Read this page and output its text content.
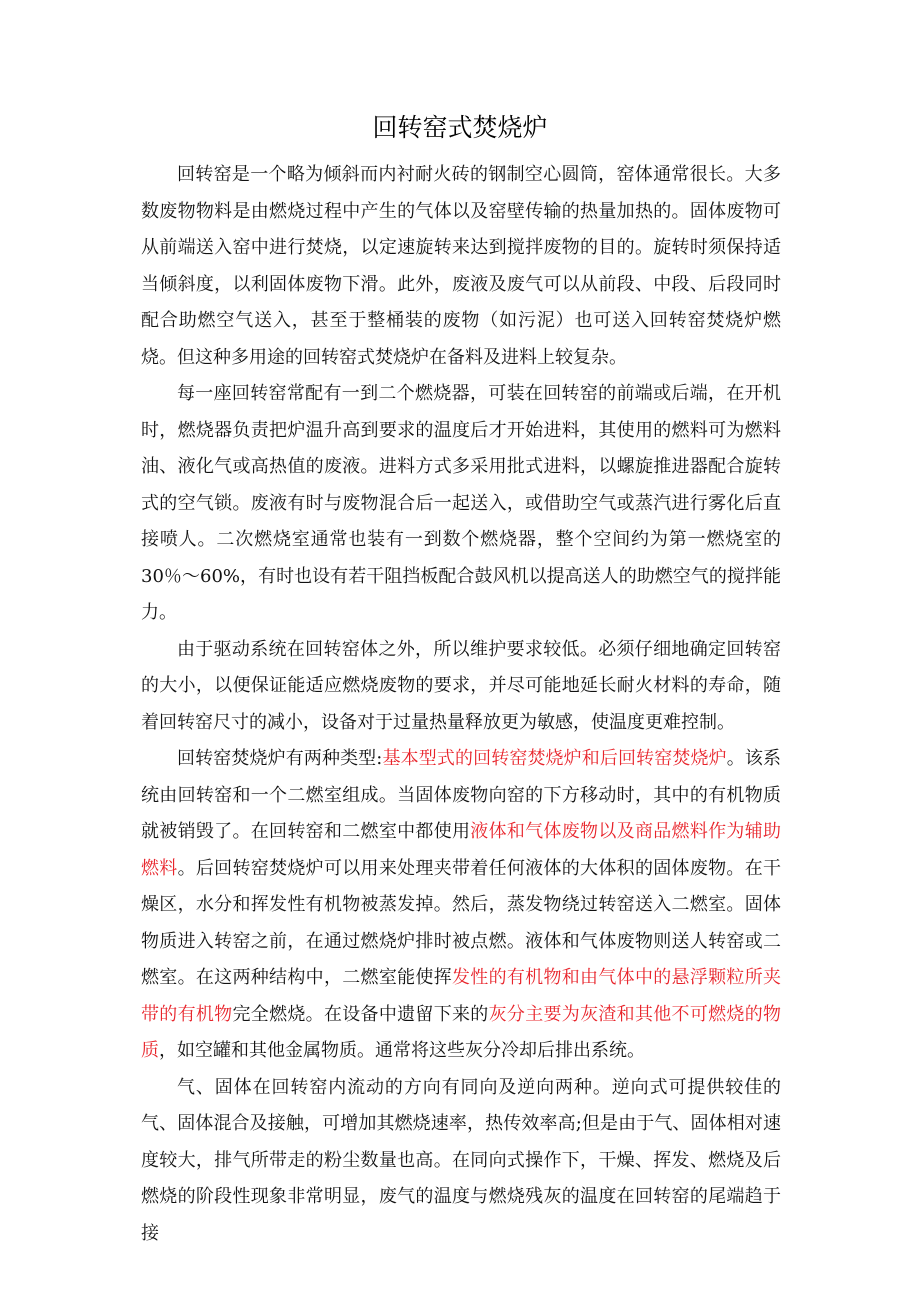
回转窑式焚烧炉

回转窑是一个略为倾斜而内衬耐火砖的钢制空心圆筒，窑体通常很长。大多数废物物料是由燃烧过程中产生的气体以及窑壁传输的热量加热的。固体废物可从前端送入窑中进行焚烧，以定速旋转来达到搅拌废物的目的。旋转时须保持适当倾斜度，以利固体废物下滑。此外，废液及废气可以从前段、中段、后段同时配合助燃空气送入，甚至于整桶装的废物（如污泥）也可送入回转窑焚烧炉燃烧。但这种多用途的回转窑式焚烧炉在备料及进料上较复杂。

每一座回转窑常配有一到二个燃烧器，可装在回转窑的前端或后端，在开机时，燃烧器负责把炉温升高到要求的温度后才开始进料，其使用的燃料可为燃料油、液化气或高热值的废液。进料方式多采用批式进料，以螺旋推进器配合旋转式的空气锁。废液有时与废物混合后一起送入，或借助空气或蒸汽进行雾化后直接喷人。二次燃烧室通常也装有一到数个燃烧器，整个空间约为第一燃烧室的 30％～60%，有时也设有若干阻挡板配合鼓风机以提高送人的助燃空气的搅拌能力。

由于驱动系统在回转窑体之外，所以维护要求较低。必须仔细地确定回转窑的大小，以便保证能适应燃烧废物的要求，并尽可能地延长耐火材料的寿命，随着回转窑尺寸的减小，设备对于过量热量释放更为敏感，使温度更难控制。

回转窑焚烧炉有两种类型:基本型式的回转窑焚烧炉和后回转窑焚烧炉。该系统由回转窑和一个二燃室组成。当固体废物向窑的下方移动时，其中的有机物质就被销毁了。在回转窑和二燃室中都使用液体和气体废物以及商品燃料作为辅助燃料。后回转窑焚烧炉可以用来处理夹带着任何液体的大体积的固体废物。在干燥区，水分和挥发性有机物被蒸发掉。然后，蒸发物绕过转窑送入二燃室。固体物质进入转窑之前，在通过燃烧炉排时被点燃。液体和气体废物则送人转窑或二燃室。在这两种结构中，二燃室能使挥发性的有机物和由气体中的悬浮颗粒所夹带的有机物完全燃烧。在设备中遗留下来的灰分主要为灰渣和其他不可燃烧的物质，如空罐和其他金属物质。通常将这些灰分冷却后排出系统。

气、固体在回转窑内流动的方向有同向及逆向两种。逆向式可提供较佳的气、固体混合及接触，可增加其燃烧速率，热传效率高;但是由于气、固体相对速度较大，排气所带走的粉尘数量也高。在同向式操作下，干燥、挥发、燃烧及后燃烧的阶段性现象非常明显，废气的温度与燃烧残灰的温度在回转窑的尾端趋于接
